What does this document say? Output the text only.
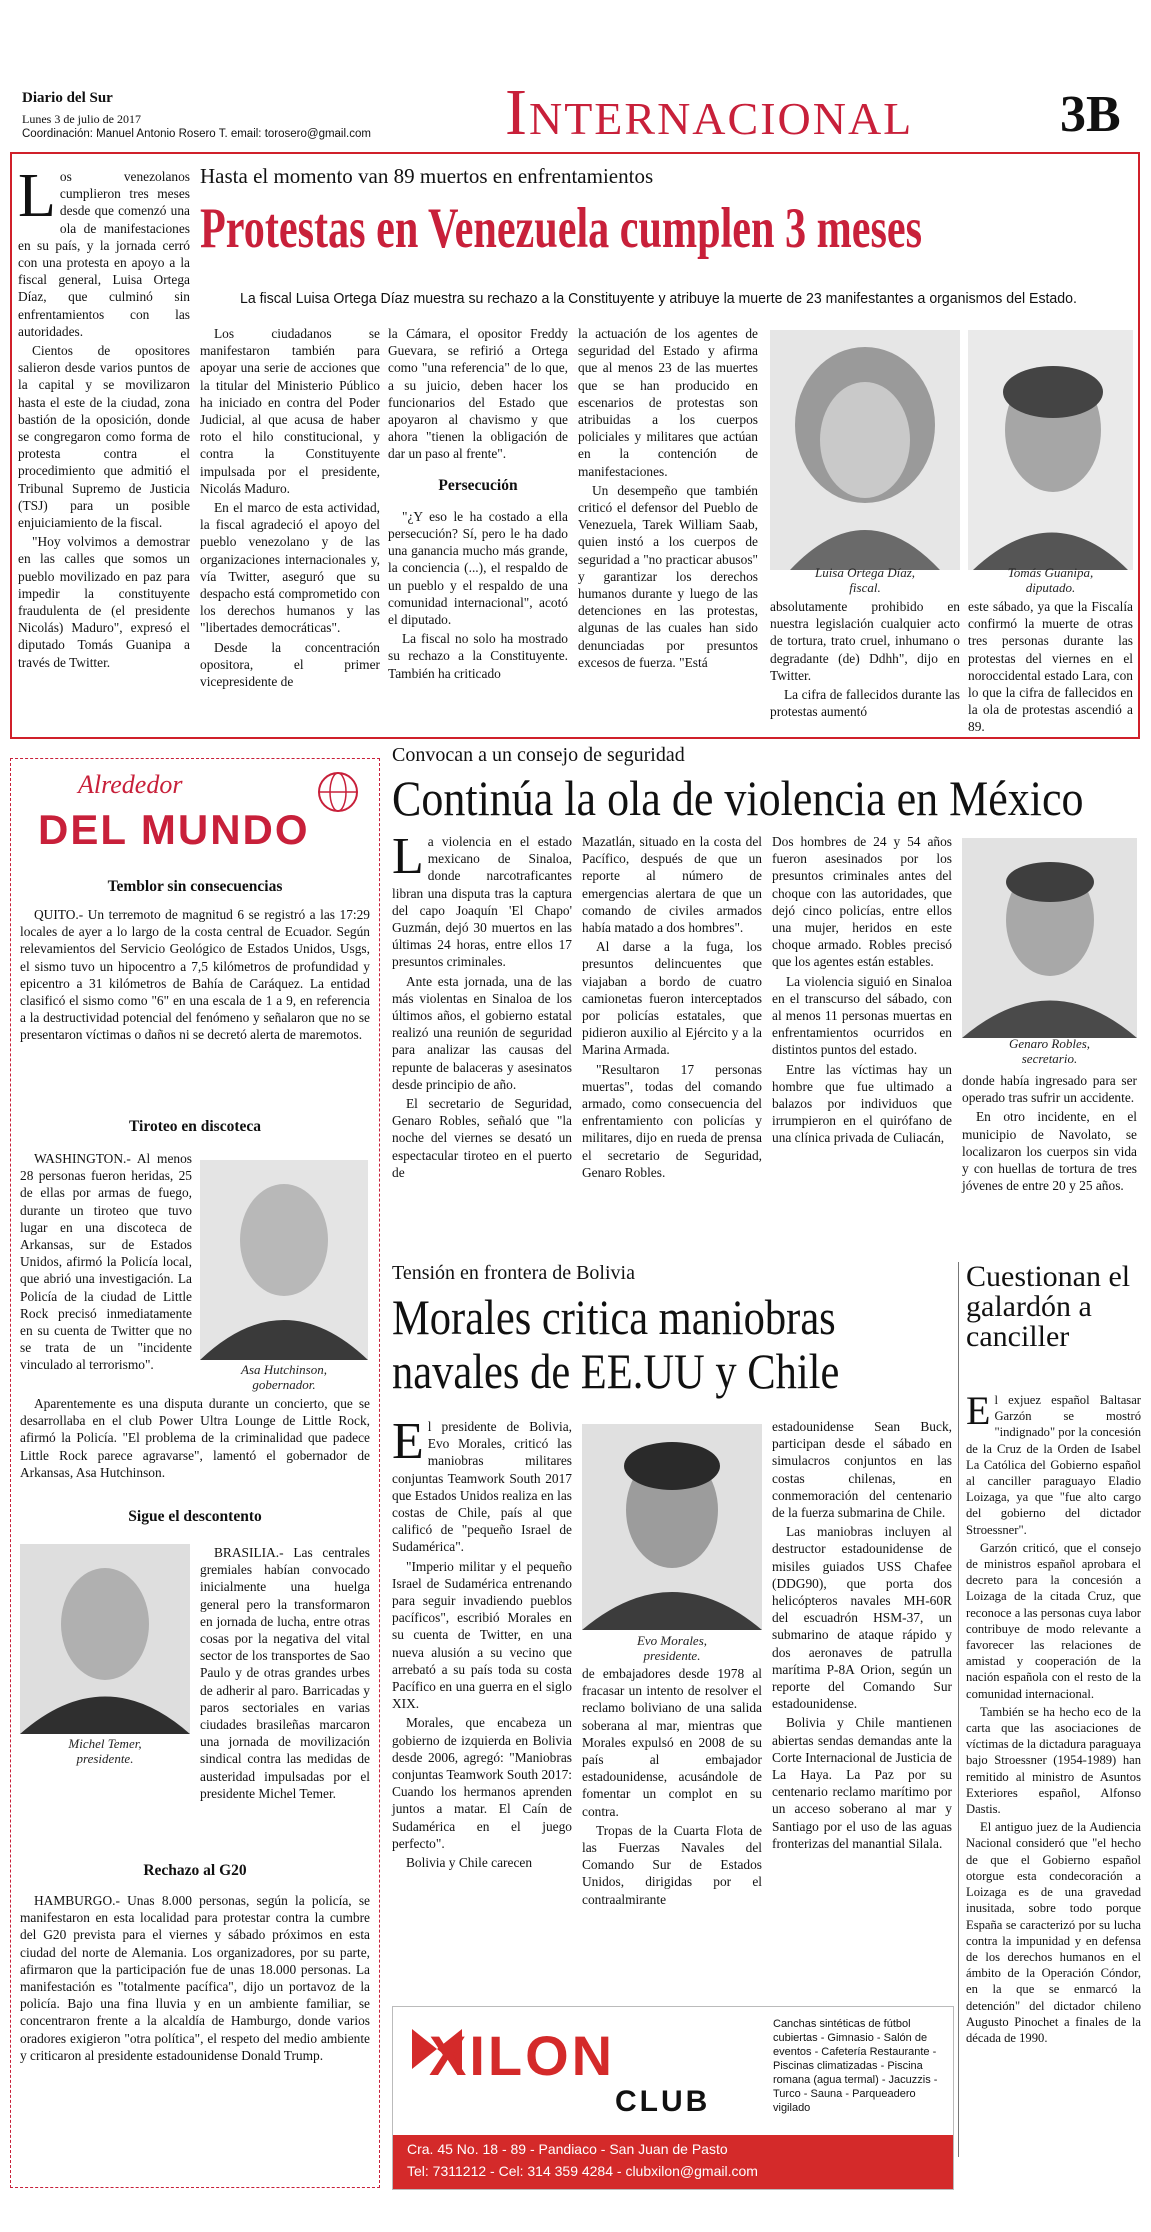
Diario del Sur
Lunes 3 de julio de 2017
Coordinación: Manuel Antonio Rosero T. email: torosero@gmail.com Internacional	3B
Hasta el momento van 89 muertos en enfrentamientos
Protestas en Venezuela cumplen 3 meses
La fiscal Luisa Ortega Díaz muestra su rechazo a la Constituyente y atribuye la muerte de 23 manifestantes a organismos del Estado.

Los venezolanos cumplieron tres meses desde que comenzó una ola de manifestaciones en su país, y la jornada cerró con una protesta en apoyo a la fiscal general, Luisa Ortega Díaz, que culminó sin enfrentamientos con las autoridades.

Cientos de opositores salieron desde varios puntos de la capital y se movilizaron hasta el este de la ciudad, zona bastión de la oposición, donde se congregaron como forma de protesta contra el procedimiento que admitió el Tribunal Supremo de Justicia (TSJ) para un posible enjuiciamiento de la fiscal.

"Hoy volvimos a demostrar en las calles que somos un pueblo movilizado en paz para impedir la constituyente fraudulenta de (el presidente Nicolás) Maduro", expresó el diputado Tomás Guanipa a través de Twitter.

Los ciudadanos se manifestaron también para apoyar una serie de acciones que la titular del Ministerio Público ha iniciado en contra del Poder Judicial, al que acusa de haber roto el hilo constitucional, y contra la Constituyente impulsada por el presidente, Nicolás Maduro.

En el marco de esta actividad, la fiscal agradeció el apoyo del pueblo venezolano y de las organizaciones internacionales y, vía Twitter, aseguró que su despacho está comprometido con los derechos humanos y las "libertades democráticas".

Desde la concentración opositora, el primer vicepresidente de

la Cámara, el opositor Freddy Guevara, se refirió a Ortega como "una referencia" de lo que, a su juicio, deben hacer los funcionarios del Estado que apoyaron al chavismo y que ahora "tienen la obligación de dar un paso al frente".

Persecución

"¿Y eso le ha costado a ella persecución? Sí, pero le ha dado una ganancia mucho más grande, la conciencia (...), el respaldo de un pueblo y el respaldo de una comunidad internacional", acotó el diputado.

La fiscal no solo ha mostrado su rechazo a la Constituyente. También ha criticado

la actuación de los agentes de seguridad del Estado y afirma que al menos 23 de las muertes que se han producido en escenarios de protestas son atribuidas a los cuerpos policiales y militares que actúan en la contención de manifestaciones.

Un desempeño que también criticó el defensor del Pueblo de Venezuela, Tarek William Saab, quien instó a los cuerpos de seguridad a "no practicar abusos" y garantizar los derechos humanos durante y luego de las detenciones en las protestas, algunas de las cuales han sido denunciadas por presuntos excesos de fuerza. "Está

Luisa Ortega Díaz,
fiscal.
Tomás Guanipa,
diputado.

absolutamente prohibido en nuestra legislación cualquier acto de tortura, trato cruel, inhumano o degradante (de) Ddhh", dijo en Twitter.

La cifra de fallecidos durante las protestas aumentó

este sábado, ya que la Fiscalía confirmó la muerte de otras tres personas durante las protestas del viernes en el noroccidental estado Lara, con lo que la cifra de fallecidos en la ola de protestas ascendió a 89.

Alrededor
DEL MUNDO
Temblor sin consecuencias

QUITO.- Un terremoto de magnitud 6 se registró a las 17:29 locales de ayer a lo largo de la costa central de Ecuador. Según relevamientos del Servicio Geológico de Estados Unidos, Usgs, el sismo tuvo un hipocentro a 7,5 kilómetros de profundidad y epicentro a 31 kilómetros de Bahía de Caráquez. La entidad clasificó el sismo como "6" en una escala de 1 a 9, en referencia a la destructividad potencial del fenómeno y señalaron que no se presentaron víctimas o daños ni se decretó alerta de maremotos.

Tiroteo en discoteca

WASHINGTON.- Al menos 28 personas fueron heridas, 25 de ellas por armas de fuego, durante un tiroteo que tuvo lugar en una discoteca de Arkansas, sur de Estados Unidos, afirmó la Policía local, que abrió una investigación. La Policía de la ciudad de Little Rock precisó inmediatamente en su cuenta de Twitter que no se trata de un "incidente vinculado al terrorismo".	Asa Hutchinson,
gobernador.

Aparentemente es una disputa durante un concierto, que se desarrollaba en el club Power Ultra Lounge de Little Rock, afirmó la Policía. "El problema de la criminalidad que padece Little Rock parece agravarse", lamentó el gobernador de Arkansas, Asa Hutchinson.

Sigue el descontento
Michel Temer,
presidente.

BRASILIA.- Las centrales gremiales habían convocado inicialmente una huelga general pero la transformaron en jornada de lucha, entre otras cosas por la negativa del vital sector de los transportes de Sao Paulo y de otras grandes urbes de adherir al paro. Barricadas y paros sectoriales en varias ciudades brasileñas marcaron una jornada de movilización sindical contra las medidas de austeridad impulsadas por el presidente Michel Temer.

Rechazo al G20

HAMBURGO.- Unas 8.000 personas, según la policía, se manifestaron en esta localidad para protestar contra la cumbre del G20 prevista para el viernes y sábado próximos en esta ciudad del norte de Alemania. Los organizadores, por su parte, afirmaron que la participación fue de unas 18.000 personas. La manifestación es "totalmente pacífica", dijo un portavoz de la policía. Bajo una fina lluvia y en un ambiente familiar, se concentraron frente a la alcaldía de Hamburgo, donde varios oradores exigieron "otra política", el respeto del medio ambiente y criticaron al presidente estadounidense Donald Trump.

Convocan a un consejo de seguridad
Continúa la ola de violencia en México

La violencia en el estado mexicano de Sinaloa, donde narcotraficantes libran una disputa tras la captura del capo Joaquín 'El Chapo' Guzmán, dejó 30 muertos en las últimas 24 horas, entre ellos 17 presuntos criminales.

Ante esta jornada, una de las más violentas en Sinaloa de los últimos años, el gobierno estatal realizó una reunión de seguridad para analizar las causas del repunte de balaceras y asesinatos desde principio de año.

El secretario de Seguridad, Genaro Robles, señaló que "la noche del viernes se desató un espectacular tiroteo en el puerto de

Mazatlán, situado en la costa del Pacífico, después de que un reporte al número de emergencias alertara de que un comando de civiles armados había matado a dos hombres".

Al darse a la fuga, los presuntos delincuentes que viajaban a bordo de cuatro camionetas fueron interceptados por policías estatales, que pidieron auxilio al Ejército y a la Marina Armada.

"Resultaron 17 personas muertas", todas del comando armado, como consecuencia del enfrentamiento con policías y militares, dijo en rueda de prensa el secretario de Seguridad, Genaro Robles.

Dos hombres de 24 y 54 años fueron asesinados por los presuntos criminales antes del choque con las autoridades, que dejó cinco policías, entre ellos una mujer, heridos en este choque armado. Robles precisó que los agentes están estables.

La violencia siguió en Sinaloa en el transcurso del sábado, con al menos 11 personas muertas en enfrentamientos ocurridos en distintos puntos del estado.

Entre las víctimas hay un hombre que fue ultimado a balazos por individuos que irrumpieron en el quirófano de una clínica privada de Culiacán,

Genaro Robles,
secretario.

donde había ingresado para ser operado tras sufrir un accidente.

En otro incidente, en el municipio de Navolato, se localizaron los cuerpos sin vida y con huellas de tortura de tres jóvenes de entre 20 y 25 años.

Tensión en frontera de Bolivia
Morales critica maniobras
navales de EE.UU y Chile

El presidente de Bolivia, Evo Morales, criticó las maniobras militares conjuntas Teamwork South 2017 que Estados Unidos realiza en las costas de Chile, país al que calificó de "pequeño Israel de Sudamérica".

"Imperio militar y el pequeño Israel de Sudamérica entrenando para seguir invadiendo pueblos pacíficos", escribió Morales en su cuenta de Twitter, en una nueva alusión a su vecino que arrebató a su país toda su costa Pacífico en una guerra en el siglo XIX.

Morales, que encabeza un gobierno de izquierda en Bolivia desde 2006, agregó: "Maniobras conjuntas Teamwork South 2017: Cuando los hermanos aprenden juntos a matar. El Caín de Sudamérica en el juego perfecto".

Bolivia y Chile carecen

Evo Morales,
presidente.

de embajadores desde 1978 al fracasar un intento de resolver el reclamo boliviano de una salida soberana al mar, mientras que Morales expulsó en 2008 de su país al embajador estadounidense, acusándole de fomentar un complot en su contra.

Tropas de la Cuarta Flota de las Fuerzas Navales del Comando Sur de Estados Unidos, dirigidas por el contraalmirante

estadounidense Sean Buck, participan desde el sábado en simulacros conjuntos en las costas chilenas, en conmemoración del centenario de la fuerza submarina de Chile.

Las maniobras incluyen al destructor estadounidense de misiles guiados USS Chafee (DDG90), que porta dos helicópteros navales MH-60R del escuadrón HSM-37, un submarino de ataque rápido y dos aeronaves de patrulla marítima P-8A Orion, según un reporte del Comando Sur estadounidense.

Bolivia y Chile mantienen abiertas sendas demandas ante la Corte Internacional de Justicia de La Haya. La Paz por su centenario reclamo marítimo por un acceso soberano al mar y Santiago por el uso de las aguas fronterizas del manantial Silala.

Cuestionan el galardón a canciller

El exjuez español Baltasar Garzón se mostró "indignado" por la concesión de la Cruz de la Orden de Isabel La Católica del Gobierno español al canciller paraguayo Eladio Loizaga, ya que "fue alto cargo del gobierno del dictador Stroessner".

Garzón criticó, que el consejo de ministros español aprobara el decreto para la concesión a Loizaga de la citada Cruz, que reconoce a las personas cuya labor contribuye de modo relevante a favorecer las relaciones de amistad y cooperación de la nación española con el resto de la comunidad internacional.

También se ha hecho eco de la carta que las asociaciones de víctimas de la dictadura paraguaya bajo Stroessner (1954-1989) han remitido al ministro de Asuntos Exteriores español, Alfonso Dastis.

El antiguo juez de la Audiencia Nacional consideró que "el hecho de que el Gobierno español otorgue esta condecoración a Loizaga es de una gravedad inusitada, sobre todo porque España se caracterizó por su lucha contra la impunidad y en defensa de los derechos humanos en el ámbito de la Operación Cóndor, en la que se enmarcó la detención" del dictador chileno Augusto Pinochet a finales de la década de 1990.

XILON
CLUB
Canchas sintéticas de fútbol cubiertas - Gimnasio - Salón de eventos - Cafetería Restaurante - Piscinas climatizadas - Piscina romana (agua termal) - Jacuzzis - Turco - Sauna - Parqueadero vigilado
Cra. 45 No. 18 - 89 - Pandiaco - San Juan de Pasto
Tel: 7311212 - Cel: 314 359 4284 - clubxilon@gmail.com
